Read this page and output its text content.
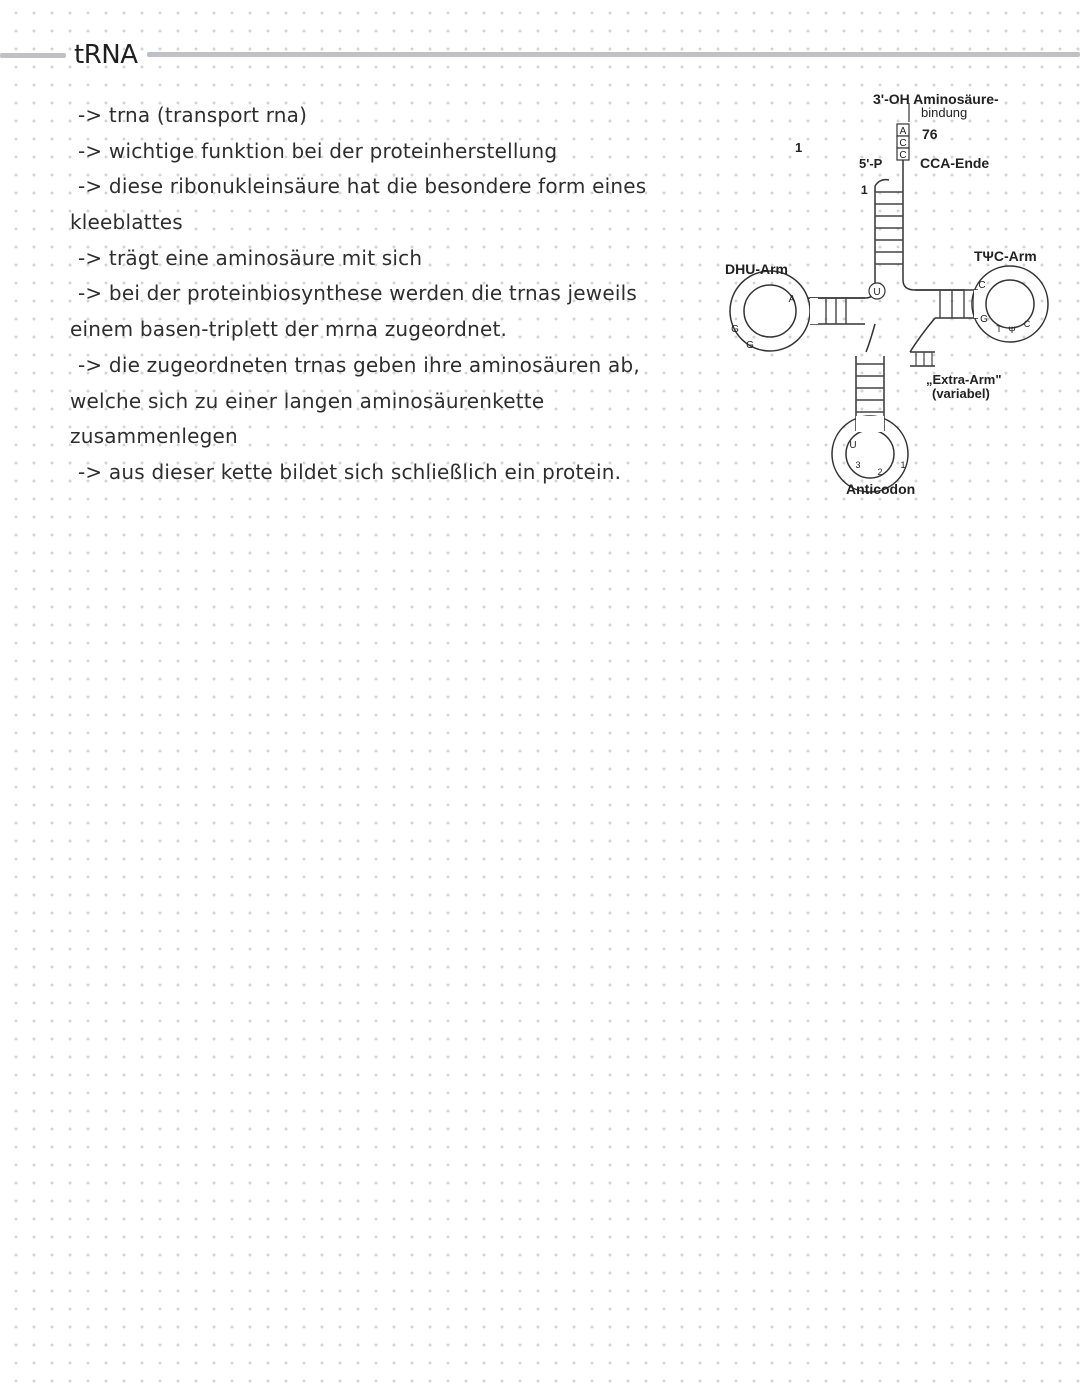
tRNA
-> trna (transport rna)
-> wichtige funktion bei der proteinherstellung
-> diese ribonukleinsäure hat die besondere form eines
kleeblattes
-> trägt eine aminosäure mit sich
-> bei der proteinbiosynthese werden die trnas jeweils
einem basen-triplett der mrna zugeordnet.
-> die zugeordneten trnas geben ihre aminosäuren ab,
welche sich zu einer langen aminosäurenkette
zusammenlegen
-> aus dieser kette bildet sich schließlich ein protein.
A
C
C
A
G
G
U
C
G
T Ψ
C
U
3
2
1
3'-OH Aminosäure-
bindung
76
1
5'-P	CCA-Ende
1
DHU-Arm
TΨC-Arm
„Extra-Arm"
(variabel)
Anticodon
